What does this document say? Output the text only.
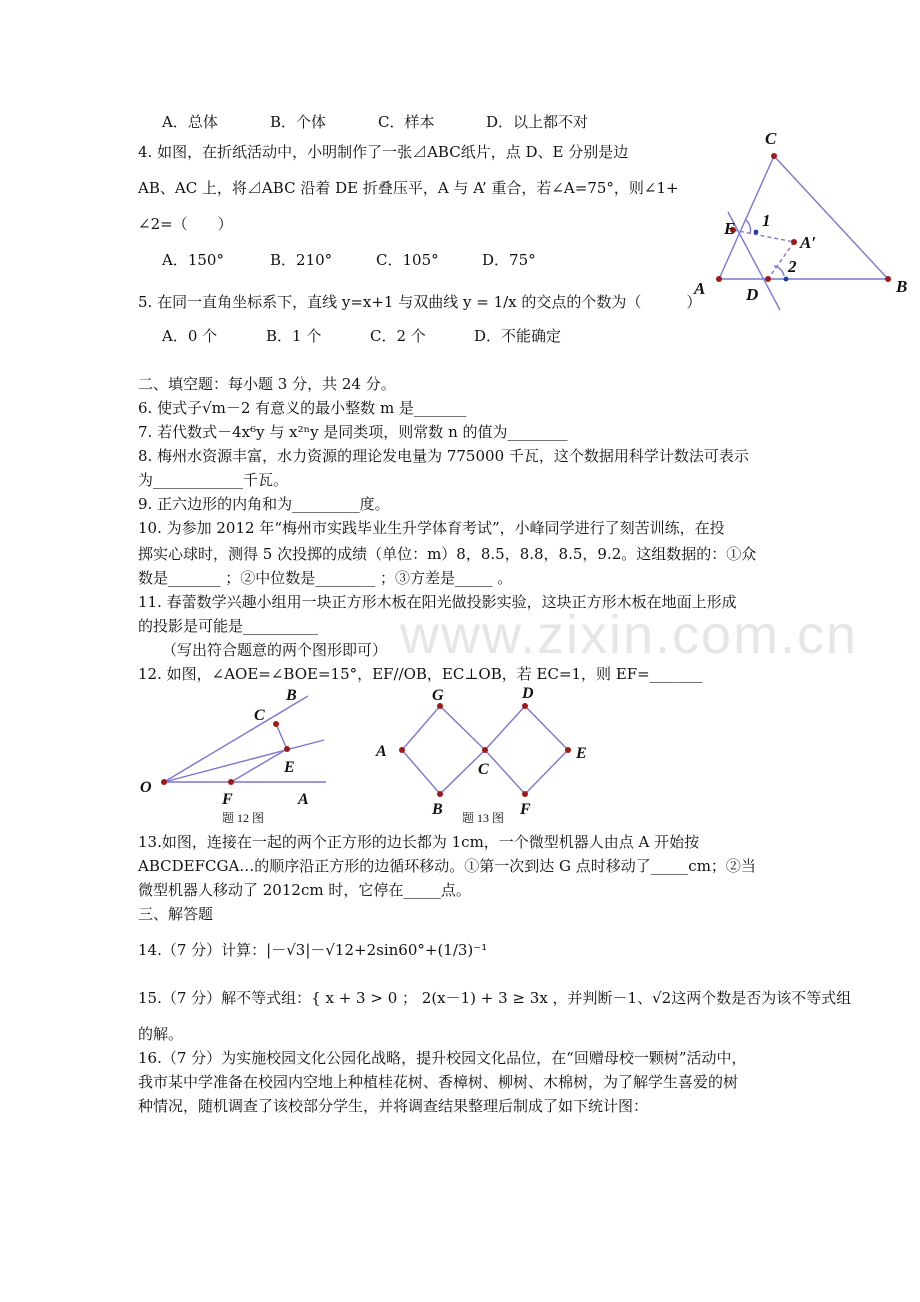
www.zixin.com.cn
A．总体	B．个体	C．样本	D．以上都不对
4. 如图，在折纸活动中，小明制作了一张⊿ABC纸片，点 D、E 分别是边
AB、AC 上，将⊿ABC 沿着 DE 折叠压平，A 与 A’ 重合，若∠A=75°，则∠1+
∠2=（　　）
A．150°	B．210°	C．105°	D．75°
C
E 1
A′
2
A D	B
5. 在同一直角坐标系下，直线 y=x+1 与双曲线 y = 1/x 的交点的个数为（　　　）
A．0 个	B．1 个	C．2 个	D．不能确定
二、填空题：每小题 3 分，共 24 分。
6. 使式子√m－2 有意义的最小整数 m 是_______
7. 若代数式－4x⁶y 与 x²ⁿy 是同类项，则常数 n 的值为________
8. 梅州水资源丰富，水力资源的理论发电量为 775000 千瓦，这个数据用科学计数法可表示
为____________千瓦。
9. 正六边形的内角和为_________度。
10. 为参加 2012 年“梅州市实践毕业生升学体育考试”，小峰同学进行了刻苦训练，在投
掷实心球时，测得 5 次投掷的成绩（单位：m）8，8.5，8.8，8.5，9.2。这组数据的：①众
数是_______ ；②中位数是________ ；③方差是_____ 。
11. 春蕾数学兴趣小组用一块正方形木板在阳光做投影实验，这块正方形木板在地面上形成
的投影是可能是__________
（写出符合题意的两个图形即可）
12. 如图，∠AOE=∠BOE=15°，EF//OB，EC⊥OB，若 EC=1，则 EF=_______
B
C
E
O
F	A
题 12 图
G	D
A
C
E
B	F
题 13 图
13.如图，连接在一起的两个正方形的边长都为 1cm，一个微型机器人由点 A 开始按
ABCDEFCGA…的顺序沿正方形的边循环移动。①第一次到达 G 点时移动了_____cm；②当
微型机器人移动了 2012cm 时，它停在_____点。
三、解答题
14.（7 分）计算：|－√3|－√12+2sin60°+(1/3)⁻¹
15.（7 分）解不等式组：{ x + 3 > 0 ； 2(x－1) + 3 ≥ 3x ，并判断－1、√2这两个数是否为该不等式组
的解。
16.（7 分）为实施校园文化公园化战略，提升校园文化品位，在“回赠母校一颗树”活动中，
我市某中学准备在校园内空地上种植桂花树、香樟树、柳树、木棉树，为了解学生喜爱的树
种情况，随机调查了该校部分学生，并将调查结果整理后制成了如下统计图：
